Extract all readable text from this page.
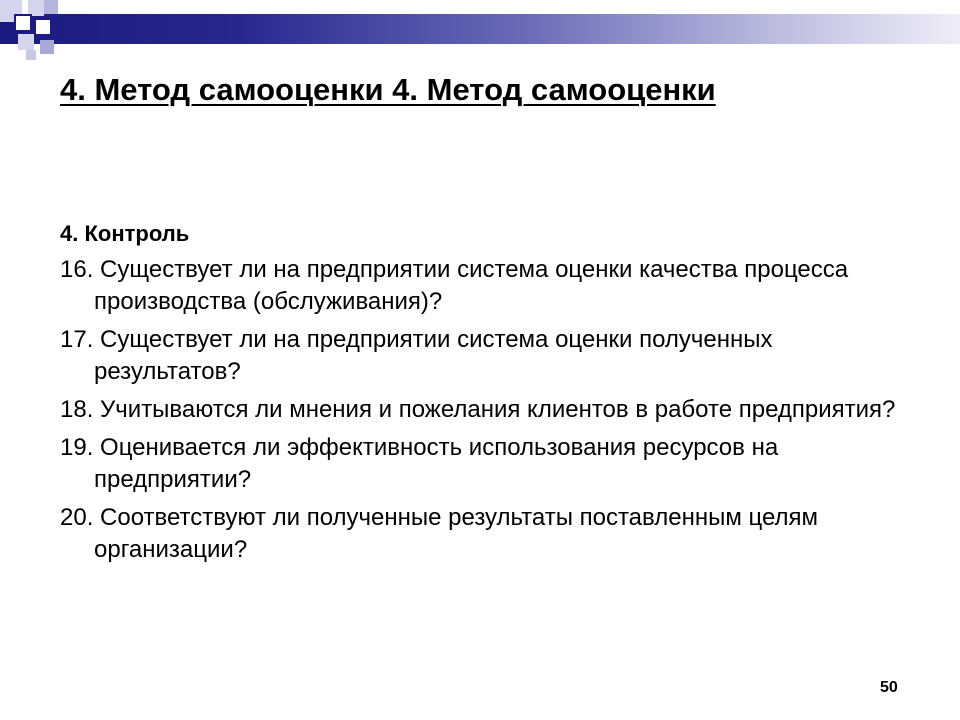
4. Метод самооценки 4. Метод самооценки

4. Контроль

16. Существует ли на предприятии система оценки качества процесса производства (обслуживания)?
17. Существует ли на предприятии система оценки полученных результатов?
18. Учитываются ли мнения и пожелания клиентов в работе предприятия?
19. Оценивается ли эффективность использования ресурсов на предприятии?
20. Соответствуют ли полученные результаты поставленным целям организации?
50
